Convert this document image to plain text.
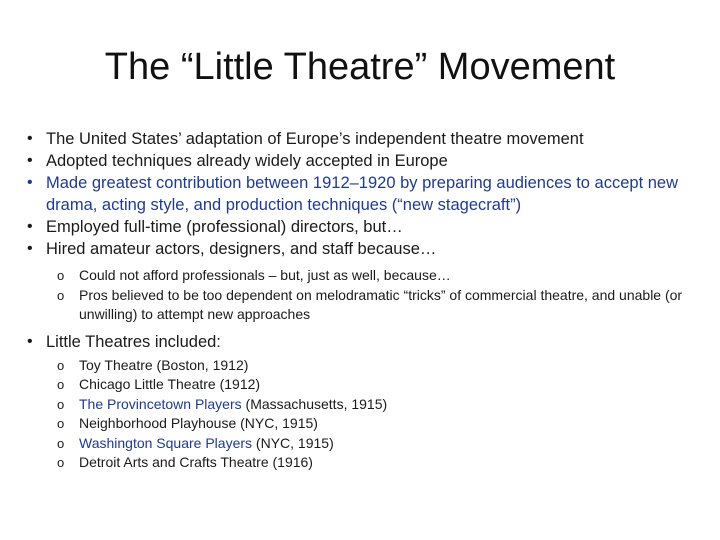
The “Little Theatre” Movement
• The United States’ adaptation of Europe’s independent theatre movement
• Adopted techniques already widely accepted in Europe
• Made greatest contribution between 1912–1920 by preparing audiences to accept new drama, acting style, and production techniques (“new stagecraft”)
• Employed full-time (professional) directors, but…
• Hired amateur actors, designers, and staff because…
o Could not afford professionals – but, just as well, because…
o Pros believed to be too dependent on melodramatic “tricks” of commercial theatre, and unable (or unwilling) to attempt new approaches
• Little Theatres included:
o Toy Theatre (Boston, 1912)
o Chicago Little Theatre (1912)
o The Provincetown Players (Massachusetts, 1915)
o Neighborhood Playhouse (NYC, 1915)
o Washington Square Players (NYC, 1915)
o Detroit Arts and Crafts Theatre (1916)
